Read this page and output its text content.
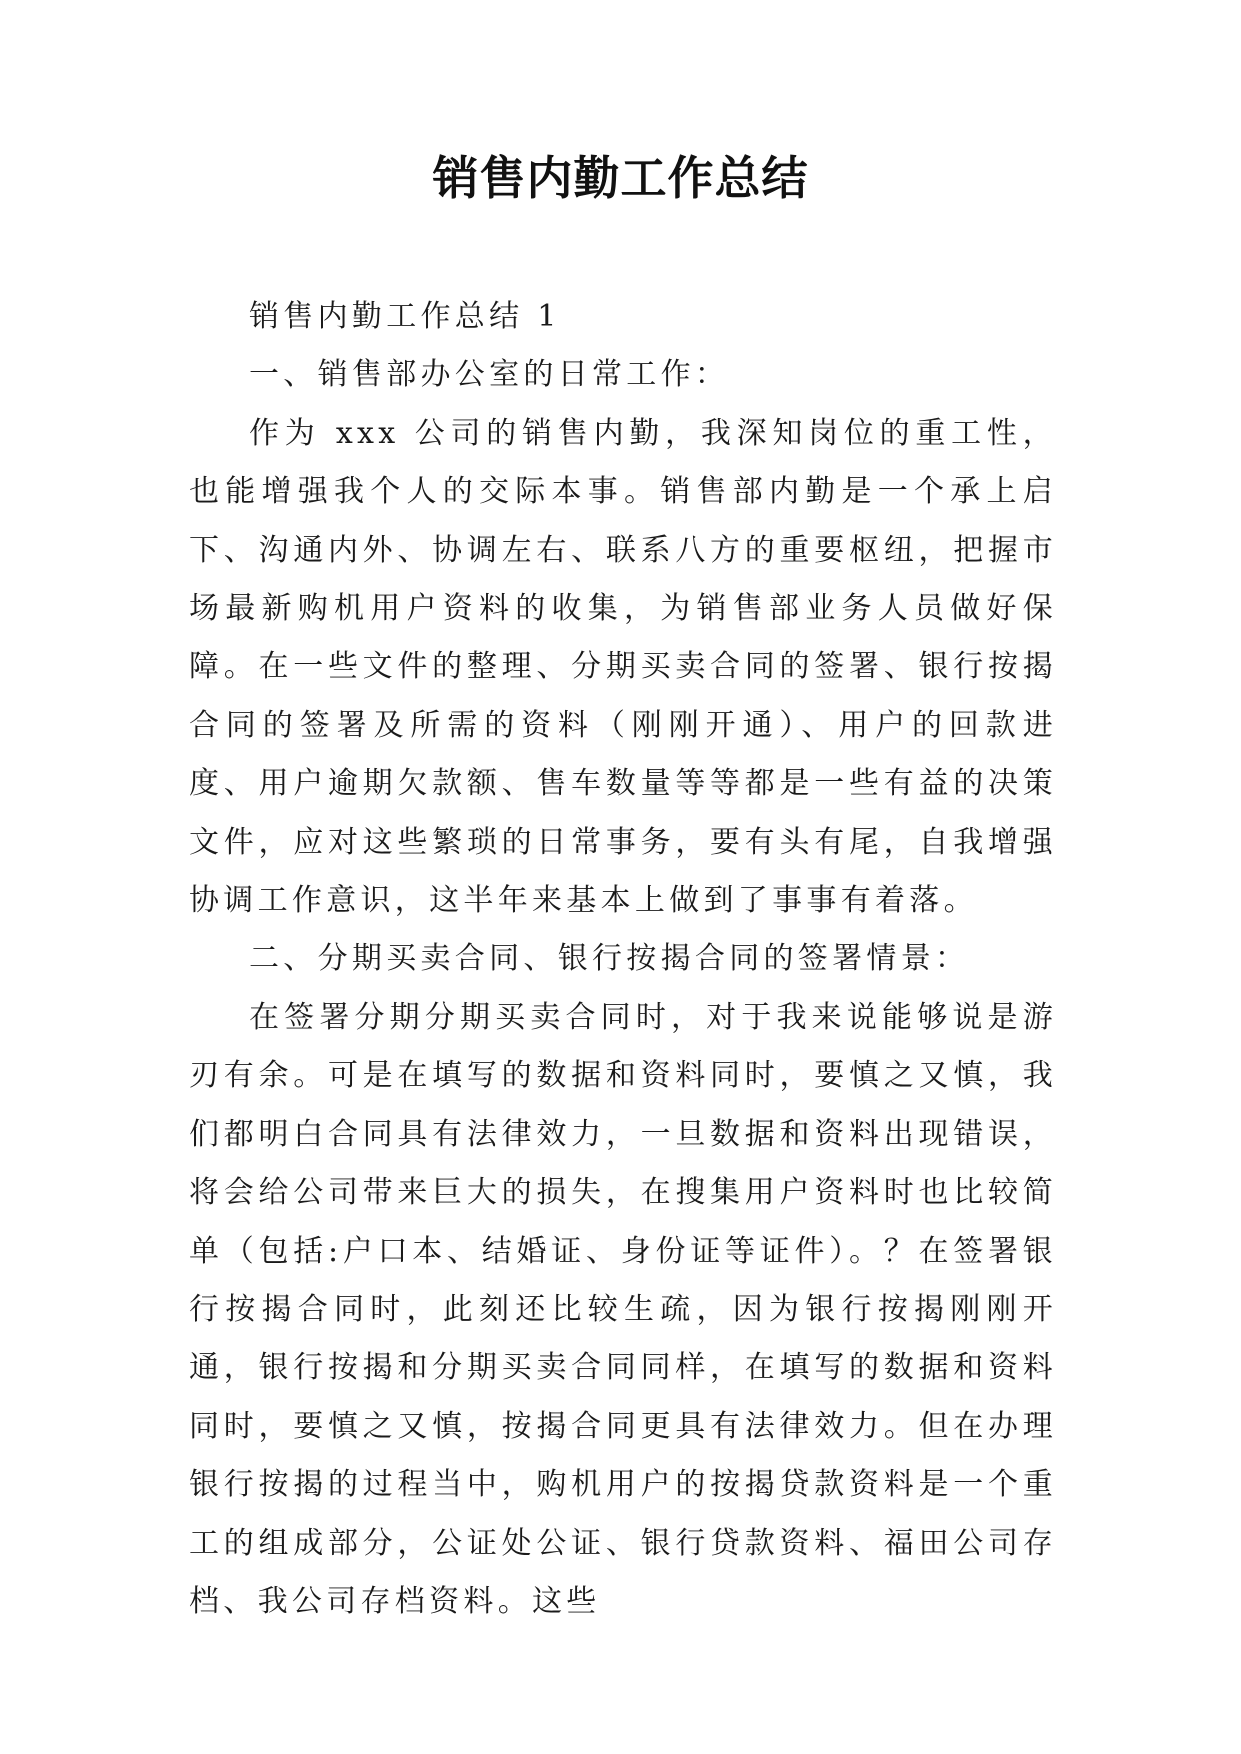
销售内勤工作总结

销售内勤工作总结 1

一、销售部办公室的日常工作：

作为 xxx 公司的销售内勤，我深知岗位的重工性，也能增强我个人的交际本事。销售部内勤是一个承上启下、沟通内外、协调左右、联系八方的重要枢纽，把握市场最新购机用户资料的收集，为销售部业务人员做好保障。在一些文件的整理、分期买卖合同的签署、银行按揭合同的签署及所需的资料（刚刚开通）、用户的回款进度、用户逾期欠款额、售车数量等等都是一些有益的决策文件，应对这些繁琐的日常事务，要有头有尾，自我增强协调工作意识，这半年来基本上做到了事事有着落。

二、分期买卖合同、银行按揭合同的签署情景：

在签署分期分期买卖合同时，对于我来说能够说是游刃有余。可是在填写的数据和资料同时，要慎之又慎，我们都明白合同具有法律效力，一旦数据和资料出现错误，将会给公司带来巨大的损失，在搜集用户资料时也比较简单（包括:户口本、结婚证、身份证等证件）。？在签署银行按揭合同时，此刻还比较生疏，因为银行按揭刚刚开通，银行按揭和分期买卖合同同样，在填写的数据和资料同时，要慎之又慎，按揭合同更具有法律效力。但在办理银行按揭的过程当中，购机用户的按揭贷款资料是一个重工的组成部分，公证处公证、银行贷款资料、福田公司存档、我公司存档资料。这些
